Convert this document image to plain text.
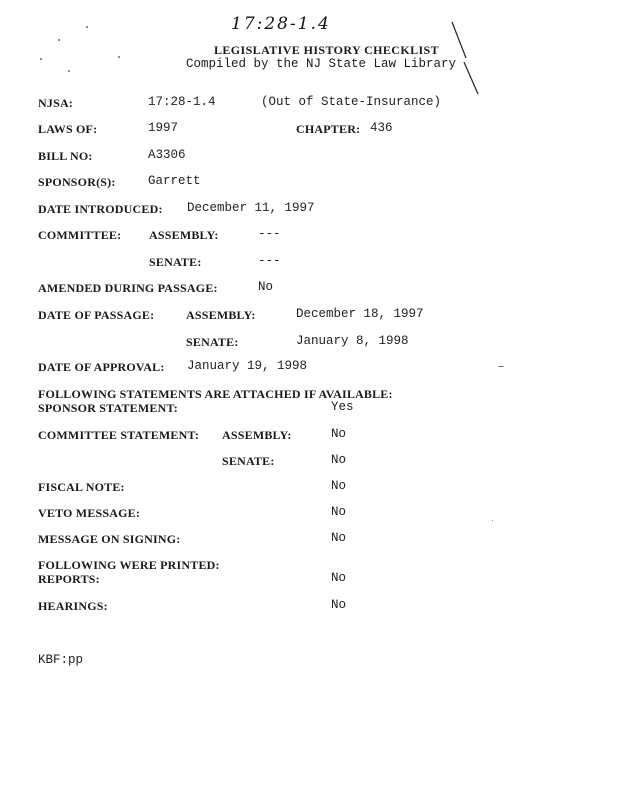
17:28-1.4
LEGISLATIVE HISTORY CHECKLIST
Compiled by the NJ State Law Library
NJSA:	17:28-1.4	(Out of State-Insurance)
LAWS OF:	1997	CHAPTER: 436
BILL NO:	A3306
SPONSOR(S):	Garrett
DATE INTRODUCED: December 11, 1997
COMMITTEE: ASSEMBLY:	---
SENATE:	---
AMENDED DURING PASSAGE:	No
DATE OF PASSAGE:	ASSEMBLY:	December 18, 1997
SENATE:	January 8, 1998
DATE OF APPROVAL: January 19, 1998
FOLLOWING STATEMENTS ARE ATTACHED IF AVAILABLE:
SPONSOR STATEMENT:	Yes
COMMITTEE STATEMENT: ASSEMBLY:	No
SENATE:	No
FISCAL NOTE:	No
VETO MESSAGE:	No
MESSAGE ON SIGNING:	No
FOLLOWING WERE PRINTED:
REPORTS:	No
HEARINGS:	No
KBF:pp
